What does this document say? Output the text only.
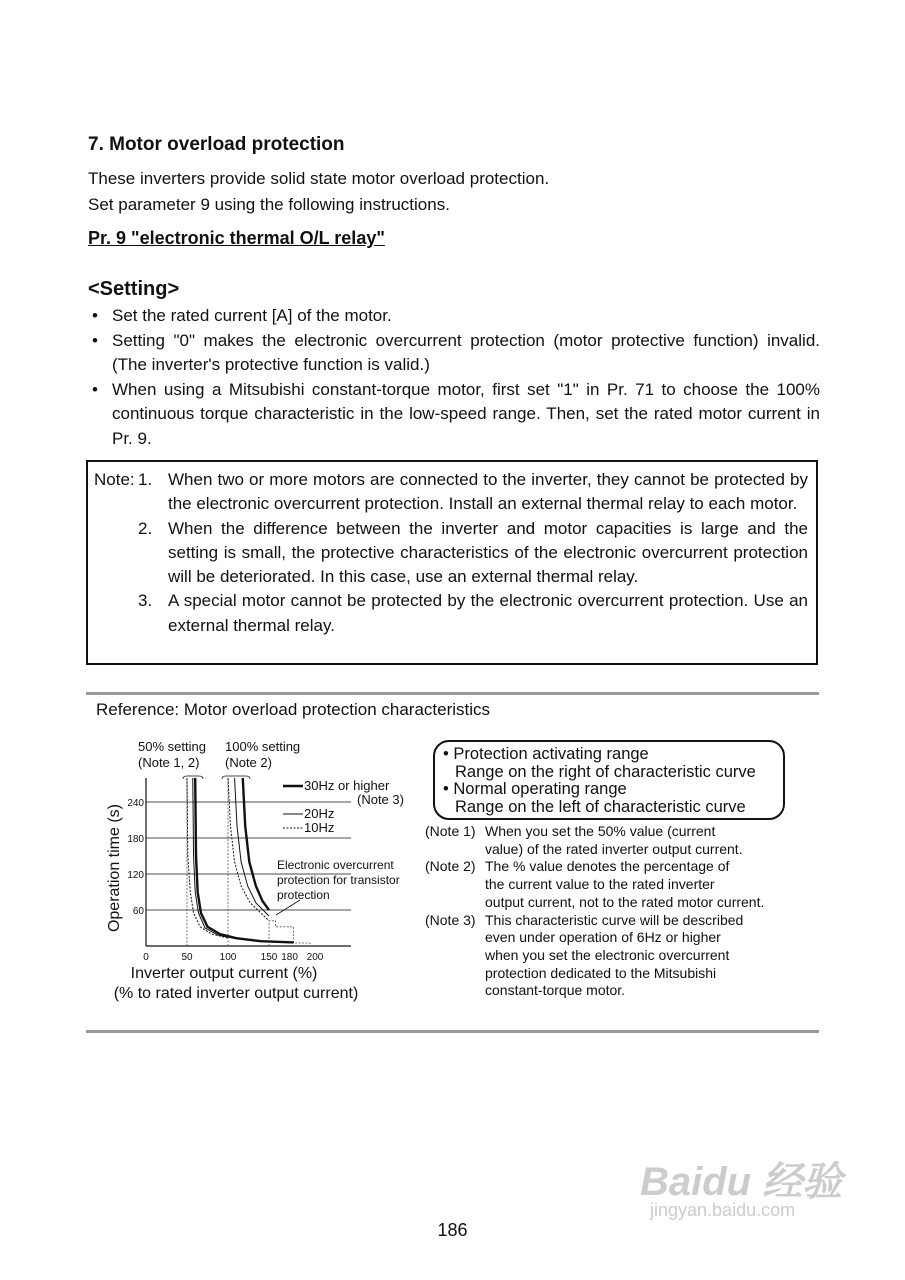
7. Motor overload protection
These inverters provide solid state motor overload protection.
Set parameter 9 using the following instructions.
Pr. 9 "electronic thermal O/L relay"
<Setting>
• Set the rated current [A] of the motor.
• Setting "0" makes the electronic overcurrent protection (motor protective function) invalid. (The inverter's protective function is valid.)
• When using a Mitsubishi constant-torque motor, first set "1" in Pr. 71 to choose the 100% continuous torque characteristic in the low-speed range. Then, set the rated motor current in Pr. 9.
Note: 1. When two or more motors are connected to the inverter, they cannot be protected by the electronic overcurrent protection. Install an external thermal relay to each motor.
2. When the difference between the inverter and motor capacities is large and the setting is small, the protective characteristics of the electronic overcurrent protection will be deteriorated. In this case, use an external thermal relay.
3. A special motor cannot be protected by the electronic overcurrent protection. Use an external thermal relay.
Reference: Motor overload protection characteristics
60
120
180
240
0	50	100 150 180 200
50% setting
(Note 1, 2)
100% setting
(Note 2)
30Hz or higher
(Note 3)
20Hz
10Hz
Electronic overcurrent
protection for transistor
protection
Inverter output current (%)
(% to rated inverter output current)
Operation time (s)
• Protection activating range
Range on the right of characteristic curve
• Normal operating range
Range on the left of characteristic curve
(Note 1) When you set the 50% value (current
value) of the rated inverter output current.
(Note 2) The % value denotes the percentage of
the current value to the rated inverter
output current, not to the rated motor current.
(Note 3) This characteristic curve will be described
even under operation of 6Hz or higher
when you set the electronic overcurrent
protection dedicated to the Mitsubishi
constant-torque motor.
Baidu 经验
jingyan.baidu.com
186
